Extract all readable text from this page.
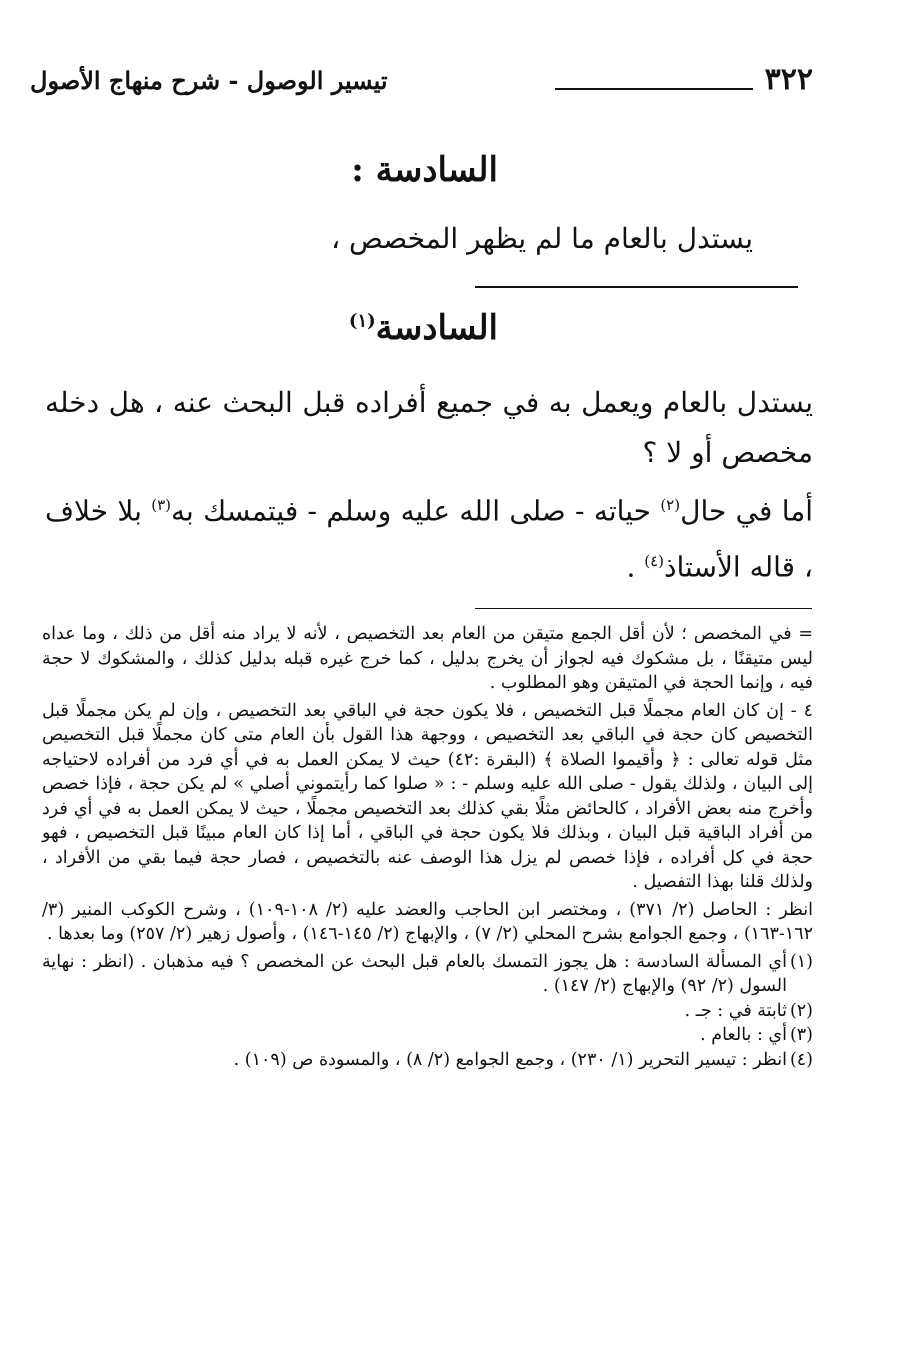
٣٢٢
تيسير الوصول - شرح منهاج الأصول
السادسة :
يستدل بالعام ما لم يظهر المخصص ،
السادسة$^{(١)}$
يستدل بالعام ويعمل به في جميع أفراده قبل البحث عنه ، هل دخله مخصص أو لا ؟
أما في حال$^{(٢)}$ حياته - صلى الله عليه وسلم - فيتمسك به$^{(٣)}$ بلا خلاف ، قاله الأستاذ$^{(٤)}$ .

= في المخصص ؛ لأن أقل الجمع متيقن من العام بعد التخصيص ، لأنه لا يراد منه أقل من ذلك ، وما عداه ليس متيقنًا ، بل مشكوك فيه لجواز أن يخرج بدليل ، كما خرج غيره قبله بدليل كذلك ، والمشكوك لا حجة فيه ، وإنما الحجة في المتيقن وهو المطلوب .

٤ - إن كان العام مجملًا قبل التخصيص ، فلا يكون حجة في الباقي بعد التخصيص ، وإن لم يكن مجملًا قبل التخصيص كان حجة في الباقي بعد التخصيص ، ووجهة هذا القول بأن العام متى كان مجملًا قبل التخصيص مثل قوله تعالى : ﴿ وأقيموا الصلاة ﴾ (البقرة :٤٢) حيث لا يمكن العمل به في أي فرد من أفراده لاحتياجه إلى البيان ، ولذلك يقول - صلى الله عليه وسلم - : « صلوا كما رأيتموني أصلي » لم يكن حجة ، فإذا خصص وأخرج منه بعض الأفراد ، كالحائض مثلًا بقي كذلك بعد التخصيص مجملًا ، حيث لا يمكن العمل به في أي فرد من أفراد الباقية قبل البيان ، وبذلك فلا يكون حجة في الباقي ، أما إذا كان العام مبينًا قبل التخصيص ، فهو حجة في كل أفراده ، فإذا خصص لم يزل هذا الوصف عنه بالتخصيص ، فصار حجة فيما بقي من الأفراد ، ولذلك قلنا بهذا التفصيل .

انظر : الحاصل (٢/ ٣٧١) ، ومختصر ابن الحاجب والعضد عليه (٢/ ١٠٨-١٠٩) ، وشرح الكوكب المنير (٣/ ١٦٢-١٦٣) ، وجمع الجوامع بشرح المحلي (٢/ ٧) ، والإبهاج (٢/ ١٤٥-١٤٦) ، وأصول زهير (٢/ ٢٥٧) وما بعدها .

(١)
أي المسألة السادسة : هل يجوز التمسك بالعام قبل البحث عن المخصص ؟ فيه مذهبان . (انظر : نهاية السول (٢/ ٩٢) والإبهاج (٢/ ١٤٧) .
(٢)
ثابتة في : جـ .
(٣)
أي : بالعام .
(٤)
انظر : تيسير التحرير (١/ ٢٣٠) ، وجمع الجوامع (٢/ ٨) ، والمسودة ص (١٠٩) .
